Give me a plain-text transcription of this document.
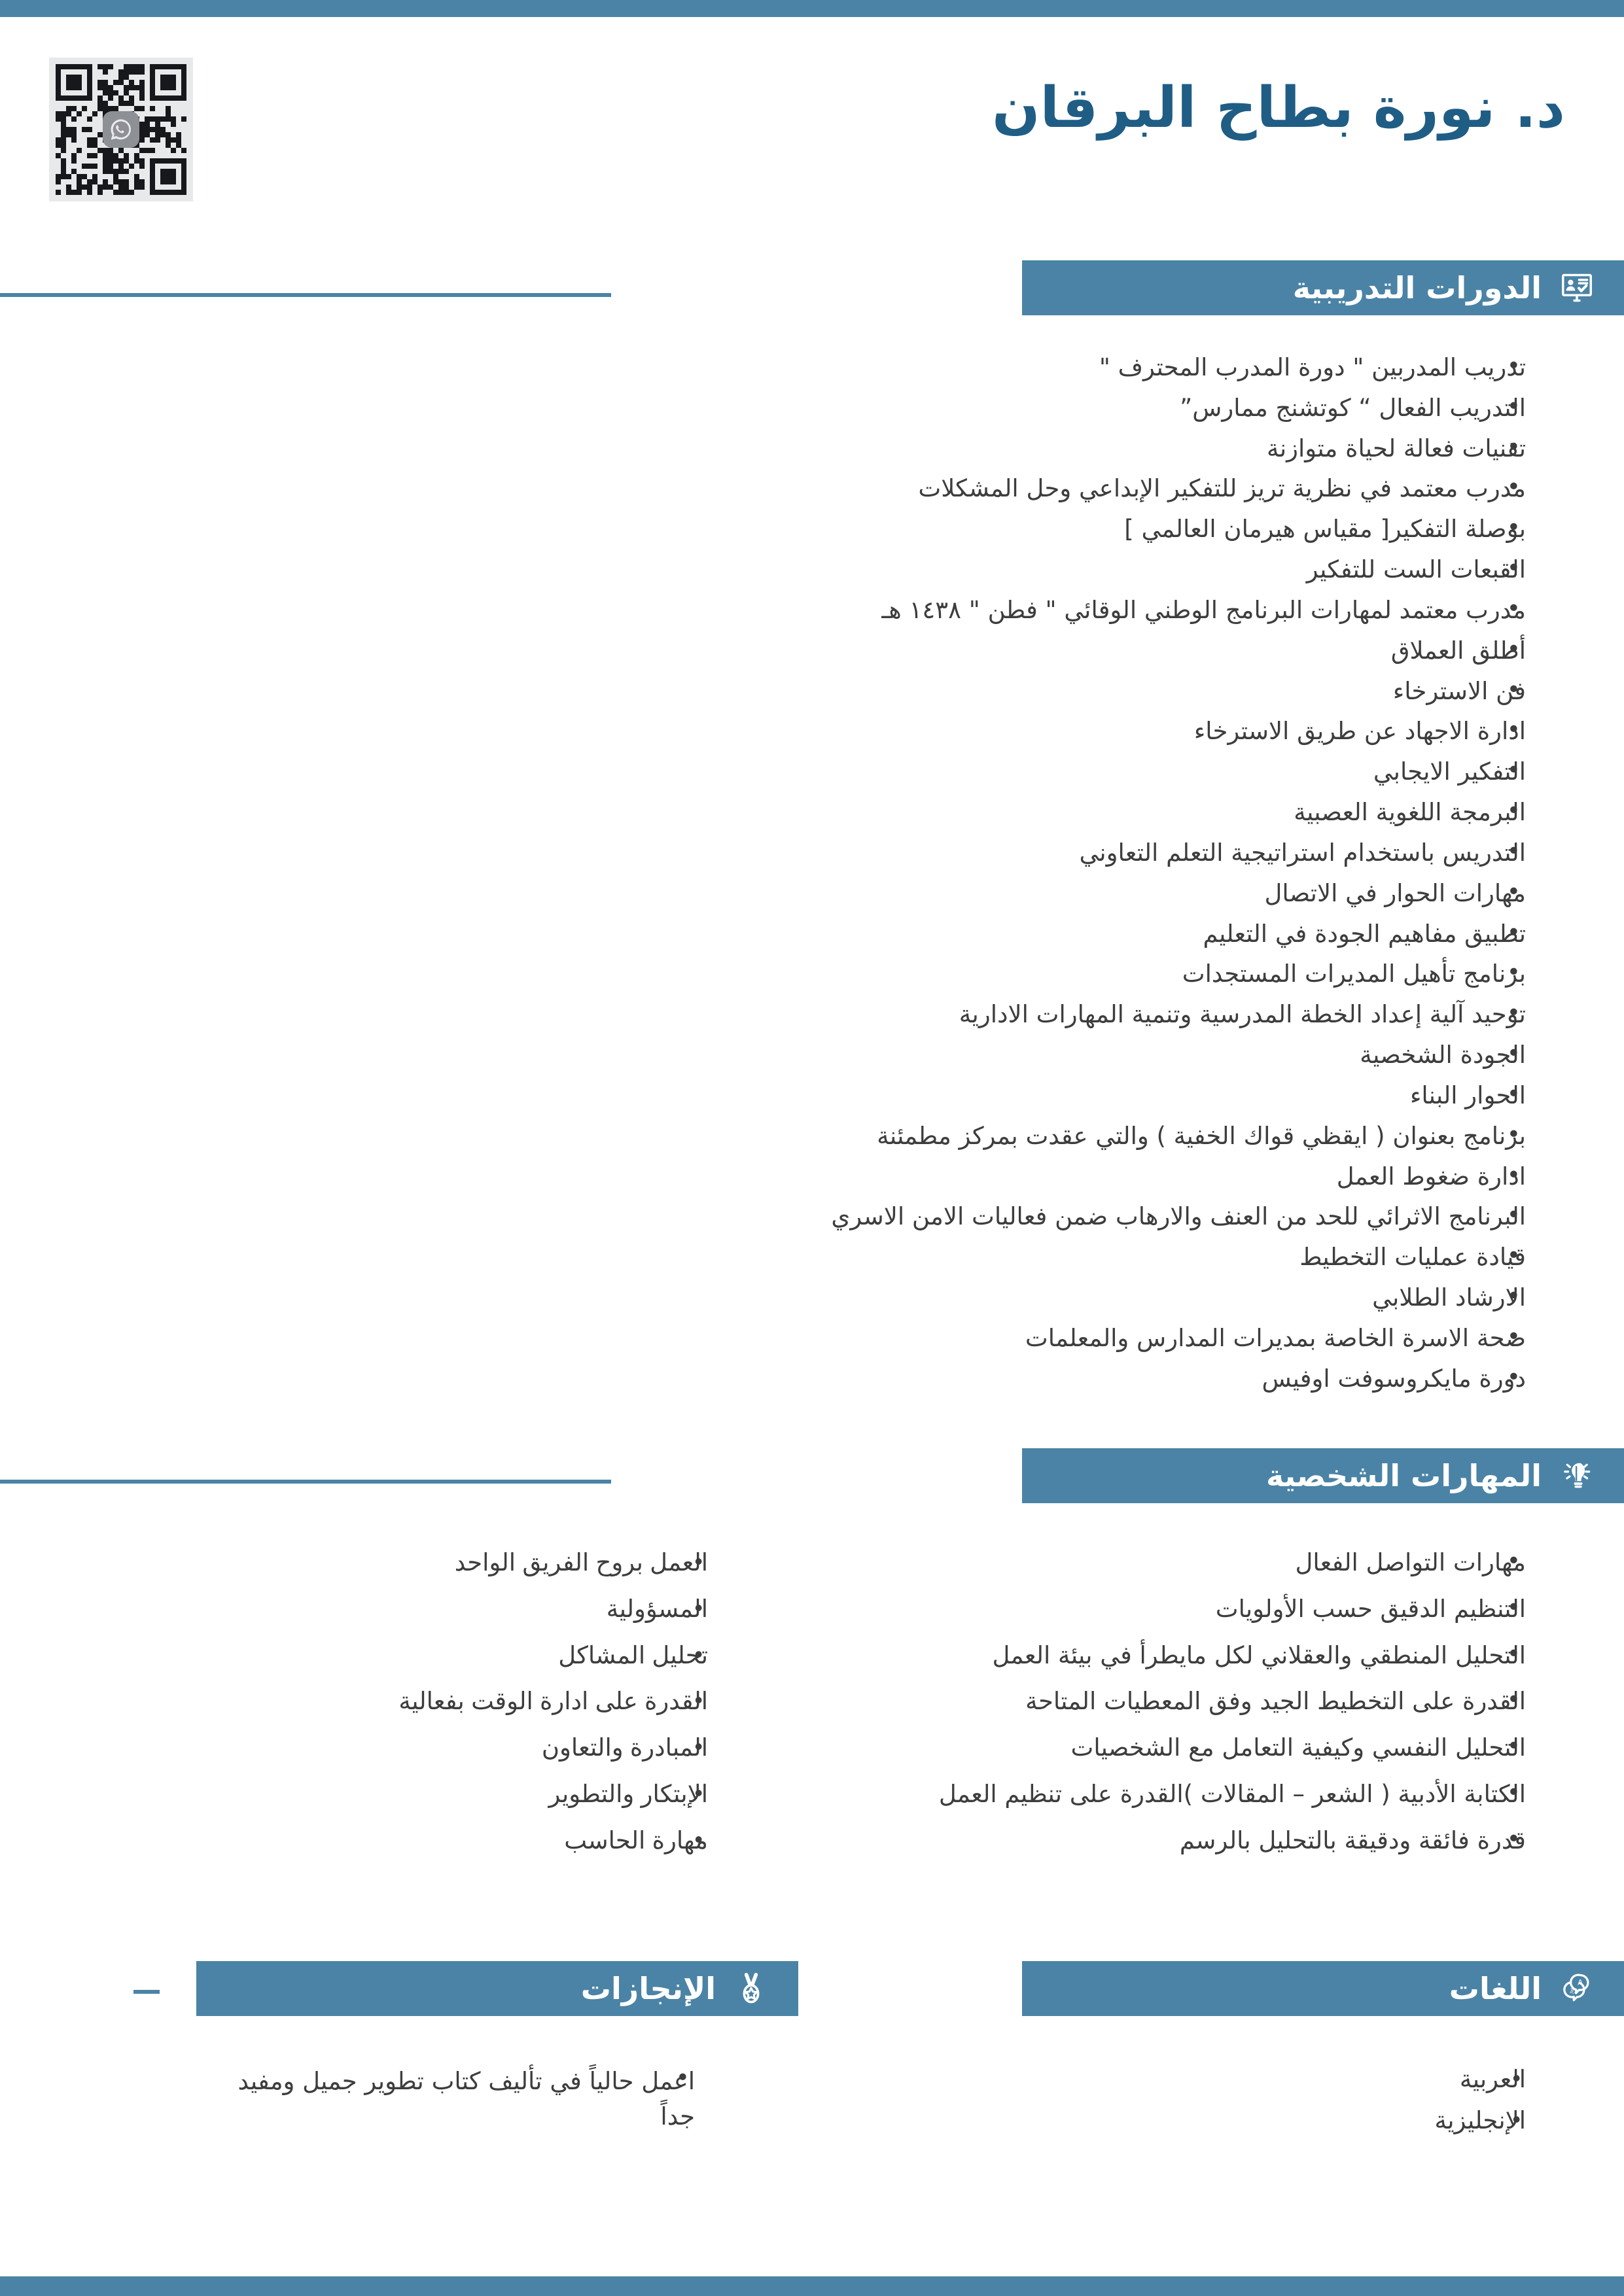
د. نورة بطاح البرقان
الدورات التدريبية
• تدريب المدربين " دورة المدرب المحترف "
• التدريب الفعال “ كوتشنج ممارس”
• تقنيات فعالة لحياة متوازنة
• مدرب معتمد في نظرية تريز للتفكير الإبداعي وحل المشكلات
• بوصلة التفكير[ مقياس هيرمان العالمي ]
• القبعات الست للتفكير
• مدرب معتمد لمهارات البرنامج الوطني الوقائي " فطن " ١٤٣٨ هـ
• أطلق العملاق
• فن الاسترخاء
• ادارة الاجهاد عن طريق الاسترخاء
• التفكير الايجابي
• البرمجة اللغوية العصبية
• التدريس باستخدام استراتيجية التعلم التعاوني
• مهارات الحوار في الاتصال
• تطبيق مفاهيم الجودة في التعليم
• برنامج تأهيل المديرات المستجدات
• توحيد آلية إعداد الخطة المدرسية وتنمية المهارات الادارية
• الجودة الشخصية
• الحوار البناء
• برنامج بعنوان ( ايقظي قواك الخفية ) والتي عقدت بمركز مطمئنة
• ادارة ضغوط العمل
• البرنامج الاثرائي للحد من العنف والارهاب ضمن فعاليات الامن الاسري
• قيادة عمليات التخطيط
• الارشاد الطلابي
• صحة الاسرة الخاصة بمديرات المدارس والمعلمات
• دورة مايكروسوفت اوفيس
المهارات الشخصية
• مهارات التواصل الفعال
• التنظيم الدقيق حسب الأولويات
• التحليل المنطقي والعقلاني لكل مايطرأ في بيئة العمل
• القدرة على التخطيط الجيد وفق المعطيات المتاحة
• التحليل النفسي وكيفية التعامل مع الشخصيات
• الكتابة الأدبية ( الشعر – المقالات )القدرة على تنظيم العمل
• قدرة فائقة ودقيقة بالتحليل بالرسم
• العمل بروح الفريق الواحد
• المسؤولية
• تحليل المشاكل
• القدرة على ادارة الوقت بفعالية
• المبادرة والتعاون
• الإبتكار والتطوير
• مهارة الحاسب
A
あ
اللغات
• العربية
• الإنجليزية
الإنجازات
• اعمل حالياً في تأليف كتاب تطوير جميل ومفيد جداً
